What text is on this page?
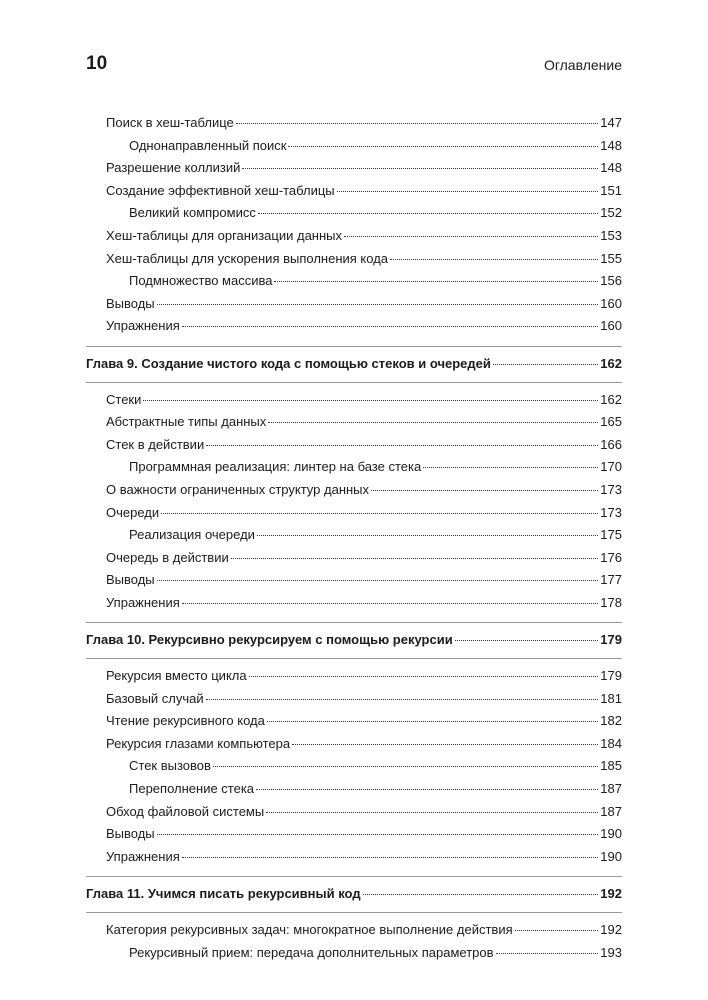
10	Оглавление
Поиск в хеш-таблице	147
Однонаправленный поиск	148
Разрешение коллизий	148
Создание эффективной хеш-таблицы	151
Великий компромисс	152
Хеш-таблицы для организации данных	153
Хеш-таблицы для ускорения выполнения кода	155
Подмножество массива	156
Выводы	160
Упражнения	160
Глава 9. Создание чистого кода с помощью стеков и очередей	162
Стеки	162
Абстрактные типы данных	165
Стек в действии	166
Программная реализация: линтер на базе стека	170
О важности ограниченных структур данных	173
Очереди	173
Реализация очереди	175
Очередь в действии	176
Выводы	177
Упражнения	178
Глава 10. Рекурсивно рекурсируем с помощью рекурсии	179
Рекурсия вместо цикла	179
Базовый случай	181
Чтение рекурсивного кода	182
Рекурсия глазами компьютера	184
Стек вызовов	185
Переполнение стека	187
Обход файловой системы	187
Выводы	190
Упражнения	190
Глава 11. Учимся писать рекурсивный код	192
Категория рекурсивных задач: многократное выполнение действия	192
Рекурсивный прием: передача дополнительных параметров	193
